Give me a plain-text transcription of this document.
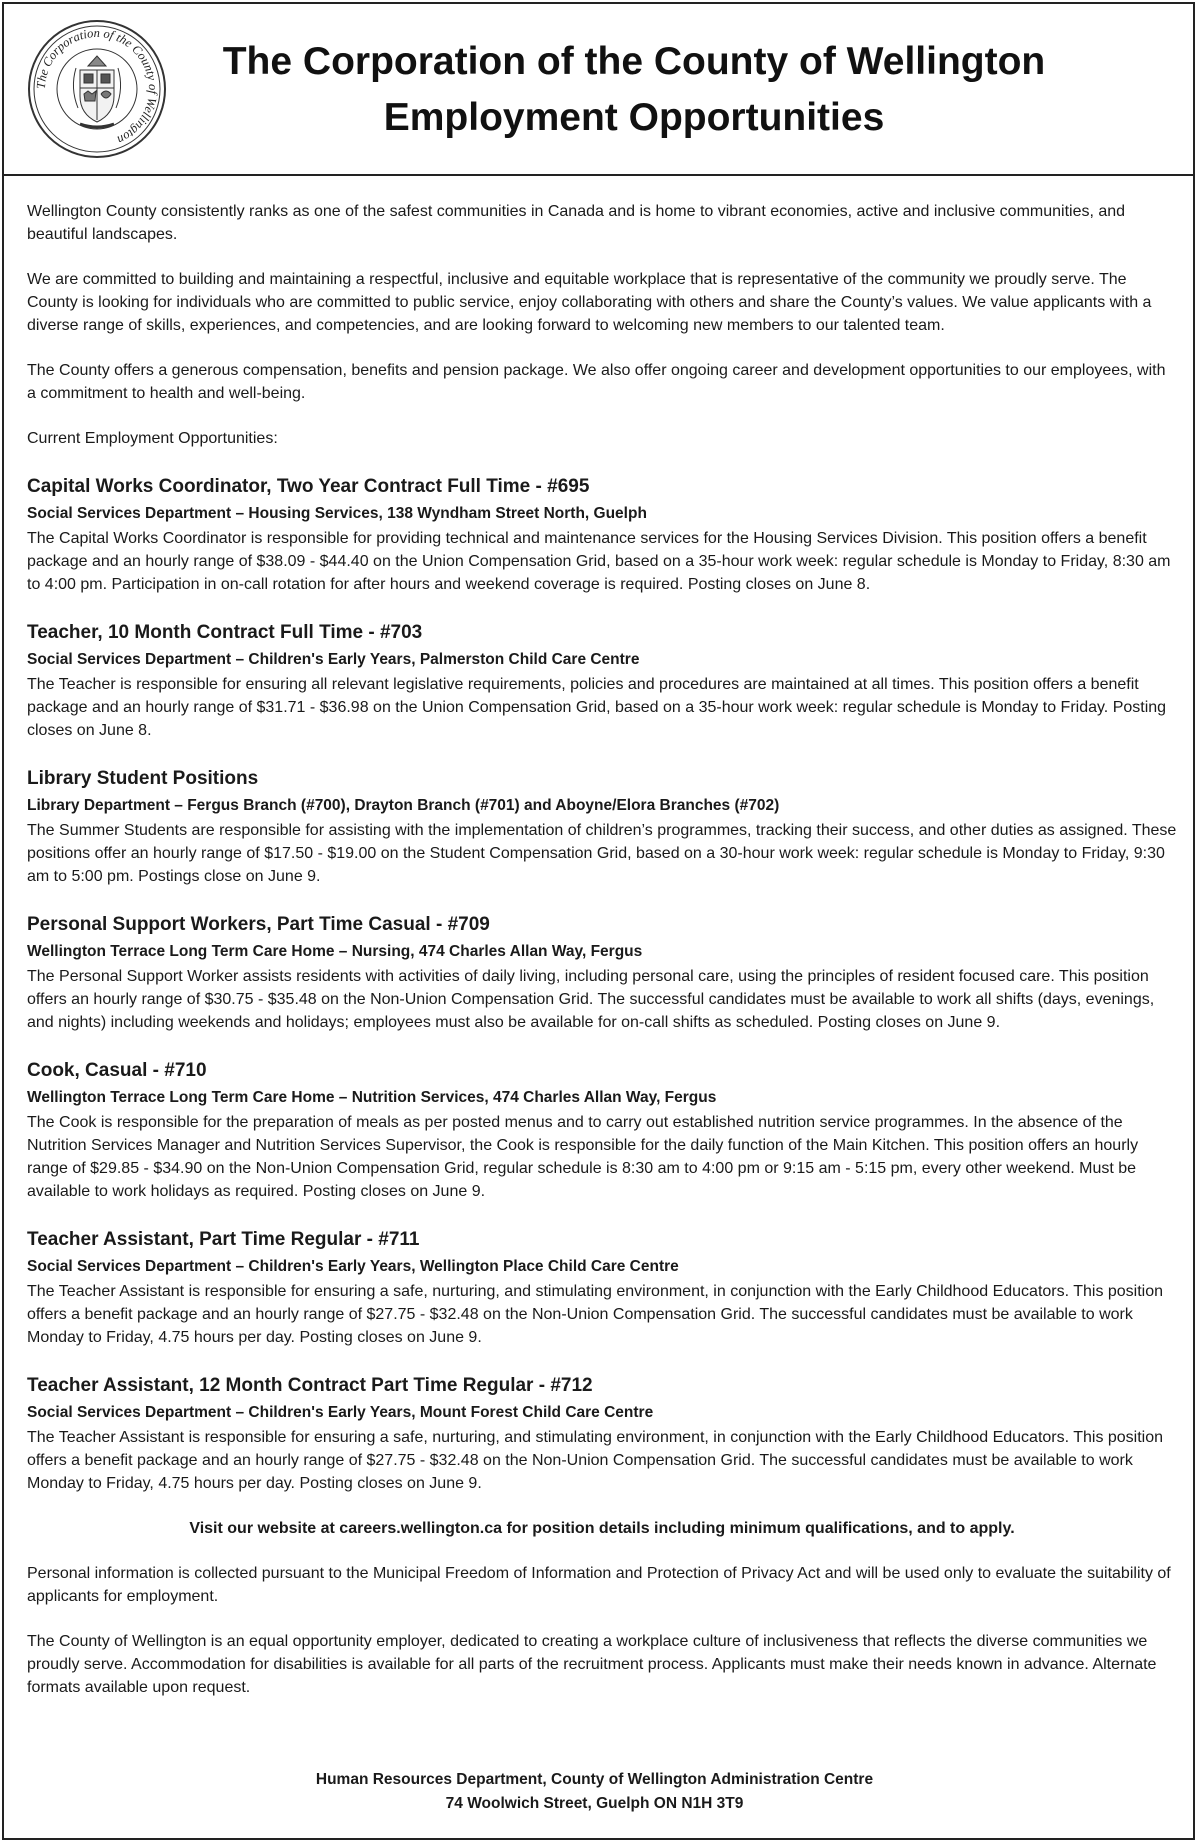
The Corporation of the County of Wellington
The Corporation of the County of Wellington
Employment Opportunities

Wellington County consistently ranks as one of the safest communities in Canada and is home to vibrant economies, active and inclusive communities, and beautiful landscapes.

We are committed to building and maintaining a respectful, inclusive and equitable workplace that is representative of the community we proudly serve. The County is looking for individuals who are committed to public service, enjoy collaborating with others and share the County’s values. We value applicants with a diverse range of skills, experiences, and competencies, and are looking forward to welcoming new members to our talented team.

The County offers a generous compensation, benefits and pension package. We also offer ongoing career and development opportunities to our employees, with a commitment to health and well-being.

Current Employment Opportunities:

Capital Works Coordinator, Two Year Contract Full Time - #695

Social Services Department – Housing Services, 138 Wyndham Street North, Guelph

The Capital Works Coordinator is responsible for providing technical and maintenance services for the Housing Services Division. This position offers a benefit package and an hourly range of $38.09 - $44.40 on the Union Compensation Grid, based on a 35-hour work week: regular schedule is Monday to Friday, 8:30 am to 4:00 pm. Participation in on-call rotation for after hours and weekend coverage is required. Posting closes on June 8.

Teacher, 10 Month Contract Full Time - #703

Social Services Department – Children's Early Years, Palmerston Child Care Centre

The Teacher is responsible for ensuring all relevant legislative requirements, policies and procedures are maintained at all times. This position offers a benefit package and an hourly range of $31.71 - $36.98 on the Union Compensation Grid, based on a 35-hour work week: regular schedule is Monday to Friday. Posting closes on June 8.

Library Student Positions

Library Department – Fergus Branch (#700), Drayton Branch (#701) and Aboyne/Elora Branches (#702)

The Summer Students are responsible for assisting with the implementation of children’s programmes, tracking their success, and other duties as assigned. These positions offer an hourly range of $17.50 - $19.00 on the Student Compensation Grid, based on a 30-hour work week: regular schedule is Monday to Friday, 9:30 am to 5:00 pm. Postings close on June 9.

Personal Support Workers, Part Time Casual - #709

Wellington Terrace Long Term Care Home – Nursing, 474 Charles Allan Way, Fergus

The Personal Support Worker assists residents with activities of daily living, including personal care, using the principles of resident focused care. This position offers an hourly range of $30.75 - $35.48 on the Non-Union Compensation Grid. The successful candidates must be available to work all shifts (days, evenings, and nights) including weekends and holidays; employees must also be available for on-call shifts as scheduled. Posting closes on June 9.

Cook, Casual - #710

Wellington Terrace Long Term Care Home – Nutrition Services, 474 Charles Allan Way, Fergus

The Cook is responsible for the preparation of meals as per posted menus and to carry out established nutrition service programmes. In the absence of the Nutrition Services Manager and Nutrition Services Supervisor, the Cook is responsible for the daily function of the Main Kitchen. This position offers an hourly range of $29.85 - $34.90 on the Non-Union Compensation Grid, regular schedule is 8:30 am to 4:00 pm or 9:15 am - 5:15 pm, every other weekend. Must be available to work holidays as required. Posting closes on June 9.

Teacher Assistant, Part Time Regular - #711

Social Services Department – Children's Early Years, Wellington Place Child Care Centre

The Teacher Assistant is responsible for ensuring a safe, nurturing, and stimulating environment, in conjunction with the Early Childhood Educators. This position offers a benefit package and an hourly range of $27.75 - $32.48 on the Non-Union Compensation Grid. The successful candidates must be available to work Monday to Friday, 4.75 hours per day. Posting closes on June 9.

Teacher Assistant, 12 Month Contract Part Time Regular - #712

Social Services Department – Children's Early Years, Mount Forest Child Care Centre

The Teacher Assistant is responsible for ensuring a safe, nurturing, and stimulating environment, in conjunction with the Early Childhood Educators. This position offers a benefit package and an hourly range of $27.75 - $32.48 on the Non-Union Compensation Grid. The successful candidates must be available to work Monday to Friday, 4.75 hours per day. Posting closes on June 9.

Visit our website at careers.wellington.ca for position details including minimum qualifications, and to apply.

Personal information is collected pursuant to the Municipal Freedom of Information and Protection of Privacy Act and will be used only to evaluate the suitability of applicants for employment.

The County of Wellington is an equal opportunity employer, dedicated to creating a workplace culture of inclusiveness that reflects the diverse communities we proudly serve. Accommodation for disabilities is available for all parts of the recruitment process. Applicants must make their needs known in advance. Alternate formats available upon request.

Human Resources Department, County of Wellington Administration Centre
74 Woolwich Street, Guelph ON N1H 3T9
